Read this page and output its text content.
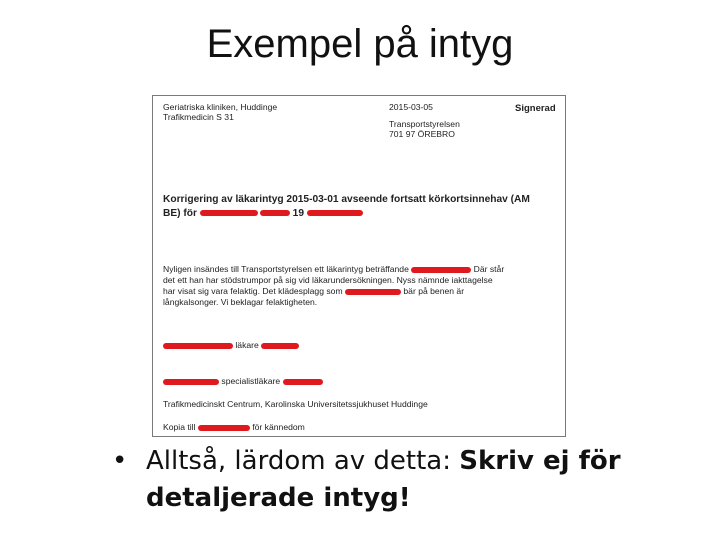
Exempel på intyg
Geriatriska kliniken, Huddinge
Trafikmedicin S 31
2015-03-05	Signerad
Transportstyrelsen
701 97 ÖREBRO
Korrigering av läkarintyg 2015-03-01 avseende fortsatt körkortsinnehav (AM
BE) för	19
Nyligen insändes till Transportstyrelsen ett läkarintyg beträffande	Där står
det ett han har stödstrumpor på sig vid läkarundersökningen. Nyss nämnde iakttagelse
har visat sig vara felaktig. Det klädesplagg som	bär på benen är
långkalsonger. Vi beklagar felaktigheten.
läkare
specialistläkare
Trafikmedicinskt Centrum, Karolinska Universitetssjukhuset Huddinge
Kopia till	för kännedom
• Alltså, lärdom av detta: Skriv ej för detaljerade intyg!
